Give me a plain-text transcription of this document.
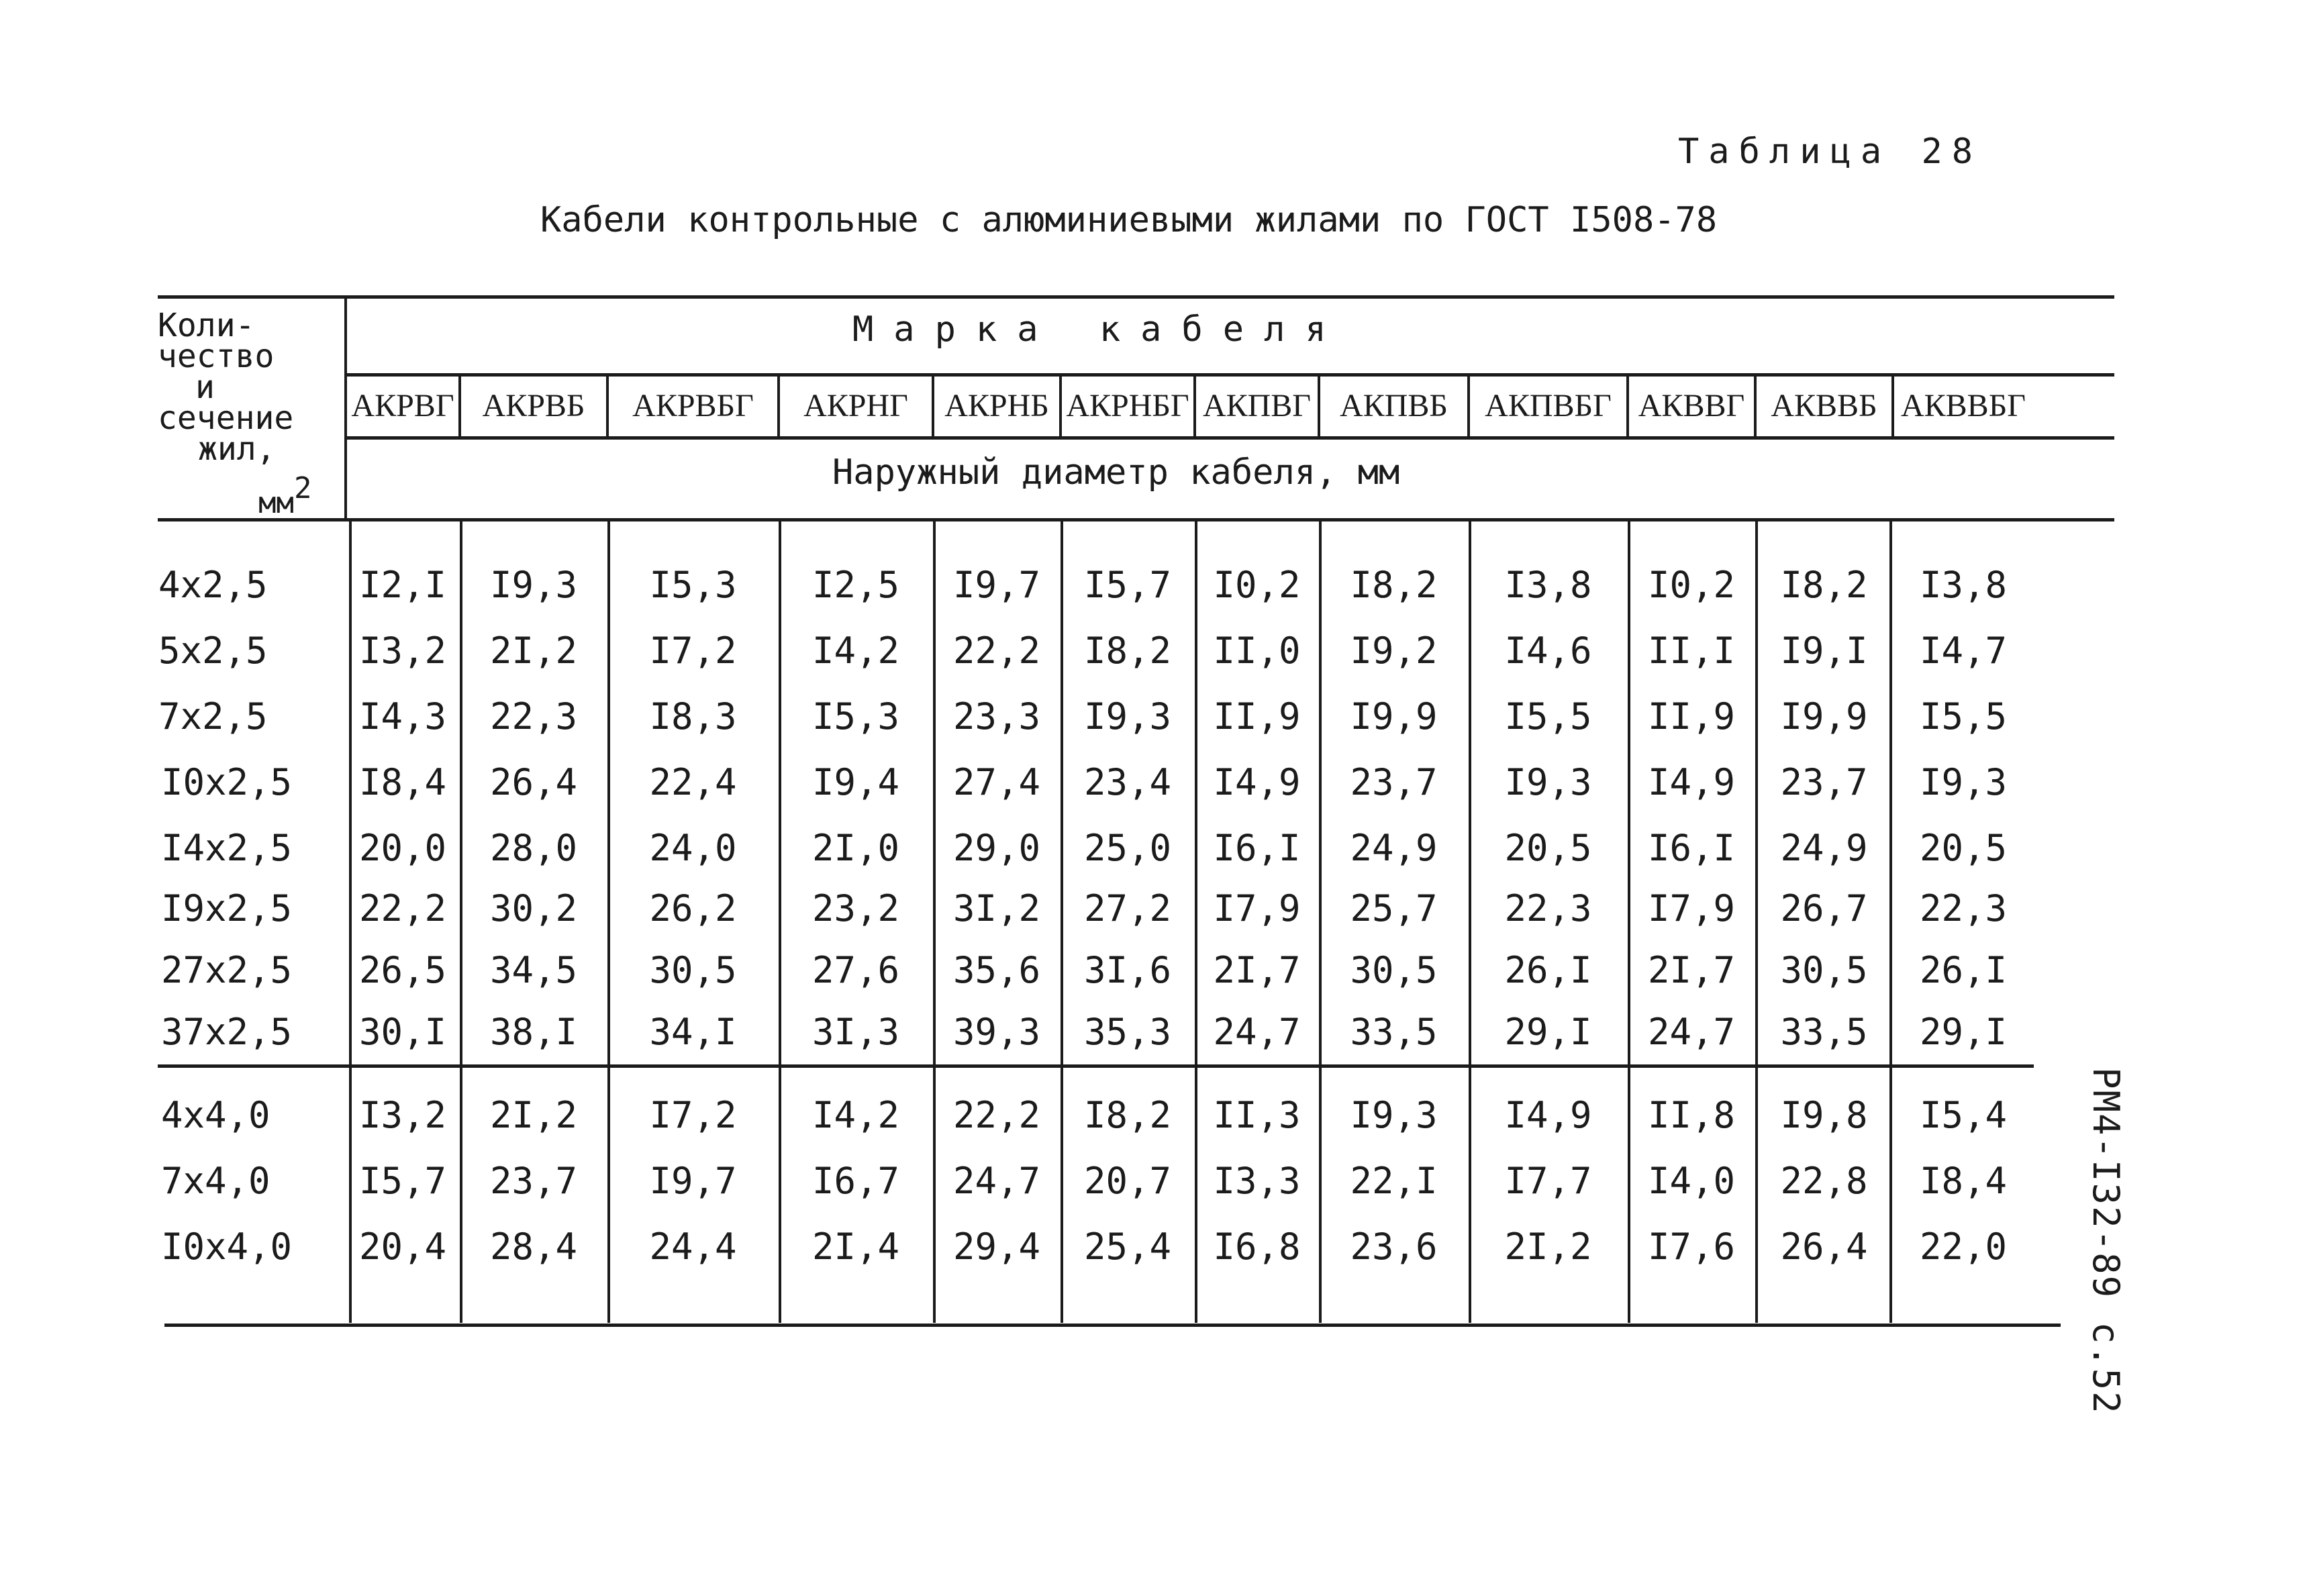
Таблица 28
Кабели контрольные с алюминиевыми жилами по ГОСТ I508-78
Коли-
чество
и
сечение
жил,
$мм^2$
Марка кабеля
Наружный диаметр кабеля, мм
АКРВГ АКРВБ	АКРВБГ	АКРНГ	АКРНБ АКРНБГ АКПВГ АКПВБ	АКПВБГ АКВВГ АКВВБ АКВВБГ
4х2,5	I2,I	I9,3	I5,3	I2,5	I9,7	I5,7	I0,2	I8,2	I3,8	I0,2	I8,2	I3,8
5х2,5	I3,2	2I,2	I7,2	I4,2	22,2	I8,2	II,0	I9,2	I4,6	II,I	I9,I	I4,7
7х2,5	I4,3	22,3	I8,3	I5,3	23,3	I9,3	II,9	I9,9	I5,5	II,9	I9,9	I5,5
I0х2,5	I8,4	26,4	22,4	I9,4	27,4	23,4	I4,9	23,7	I9,3	I4,9	23,7	I9,3
I4х2,5	20,0	28,0	24,0	2I,0	29,0	25,0	I6,I	24,9	20,5	I6,I	24,9	20,5
I9х2,5	22,2	30,2	26,2	23,2	3I,2	27,2	I7,9	25,7	22,3	I7,9	26,7	22,3
27х2,5	26,5	34,5	30,5	27,6	35,6	3I,6	2I,7	30,5	26,I	2I,7	30,5	26,I
37х2,5	30,I	38,I	34,I	3I,3	39,3	35,3	24,7	33,5	29,I	24,7	33,5	29,I
4х4,0	I3,2	2I,2	I7,2	I4,2	22,2	I8,2	II,3	I9,3	I4,9	II,8	I9,8	I5,4
7х4,0	I5,7	23,7	I9,7	I6,7	24,7	20,7	I3,3	22,I	I7,7	I4,0	22,8	I8,4
I0х4,0	20,4	28,4	24,4	2I,4	29,4	25,4	I6,8	23,6	2I,2	I7,6	26,4	22,0	РМ4-I32-89 с.52
